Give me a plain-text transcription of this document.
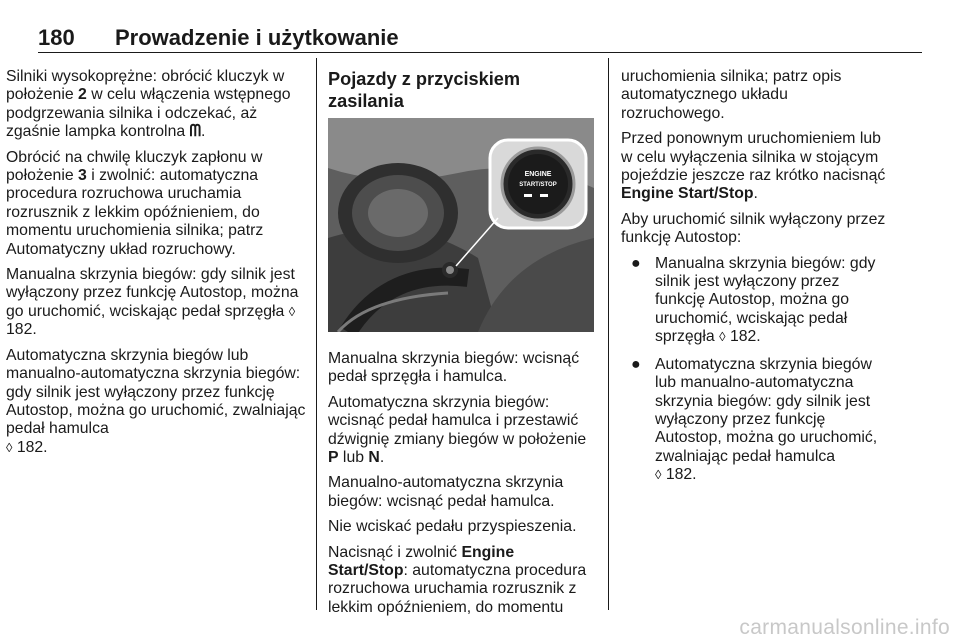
180 Prowadzenie i użytkowanie

Silniki wysokoprężne: obrócić kluczyk w położenie 2 w celu włączenia wstępnego podgrzewania silnika i odczekać, aż zgaśnie lampka kontrolna ᗰ.

Obrócić na chwilę kluczyk zapłonu w położenie 3 i zwolnić: automatyczna procedura rozruchowa uruchamia rozrusznik z lekkim opóźnieniem, do momentu uruchomienia silnika; patrz Automatyczny układ rozruchowy.

Manualna skrzynia biegów: gdy silnik jest wyłączony przez funkcję Autostop, można go uruchomić, wciskając pedał sprzęgła ◊ 182.

Automatyczna skrzynia biegów lub manualno-automatyczna skrzynia biegów: gdy silnik jest wyłączony przez funkcję Autostop, można go uruchomić, zwalniając pedał hamulca
◊ 182.

Pojazdy z przyciskiem zasilania
ENGINE
START/STOP

Manualna skrzynia biegów: wcisnąć pedał sprzęgła i hamulca.

Automatyczna skrzynia biegów: wcisnąć pedał hamulca i przestawić dźwignię zmiany biegów w położenie P lub N.

Manualno-automatyczna skrzynia biegów: wcisnąć pedał hamulca.

Nie wciskać pedału przyspieszenia.

Nacisnąć i zwolnić Engine Start/Stop: automatyczna procedura rozruchowa uruchamia rozrusznik z lekkim opóźnieniem, do momentu

uruchomienia silnika; patrz opis automatycznego układu rozruchowego.

Przed ponownym uruchomieniem lub w celu wyłączenia silnika w stojącym pojeździe jeszcze raz krótko nacisnąć Engine Start/Stop.

Aby uruchomić silnik wyłączony przez funkcję Autostop:

● Manualna skrzynia biegów: gdy silnik jest wyłączony przez funkcję Autostop, można go uruchomić, wciskając pedał sprzęgła ◊ 182.
● Automatyczna skrzynia biegów lub manualno-automatyczna skrzynia biegów: gdy silnik jest wyłączony przez funkcję Autostop, można go uruchomić, zwalniając pedał hamulca
◊ 182.
carmanualsonline.info
